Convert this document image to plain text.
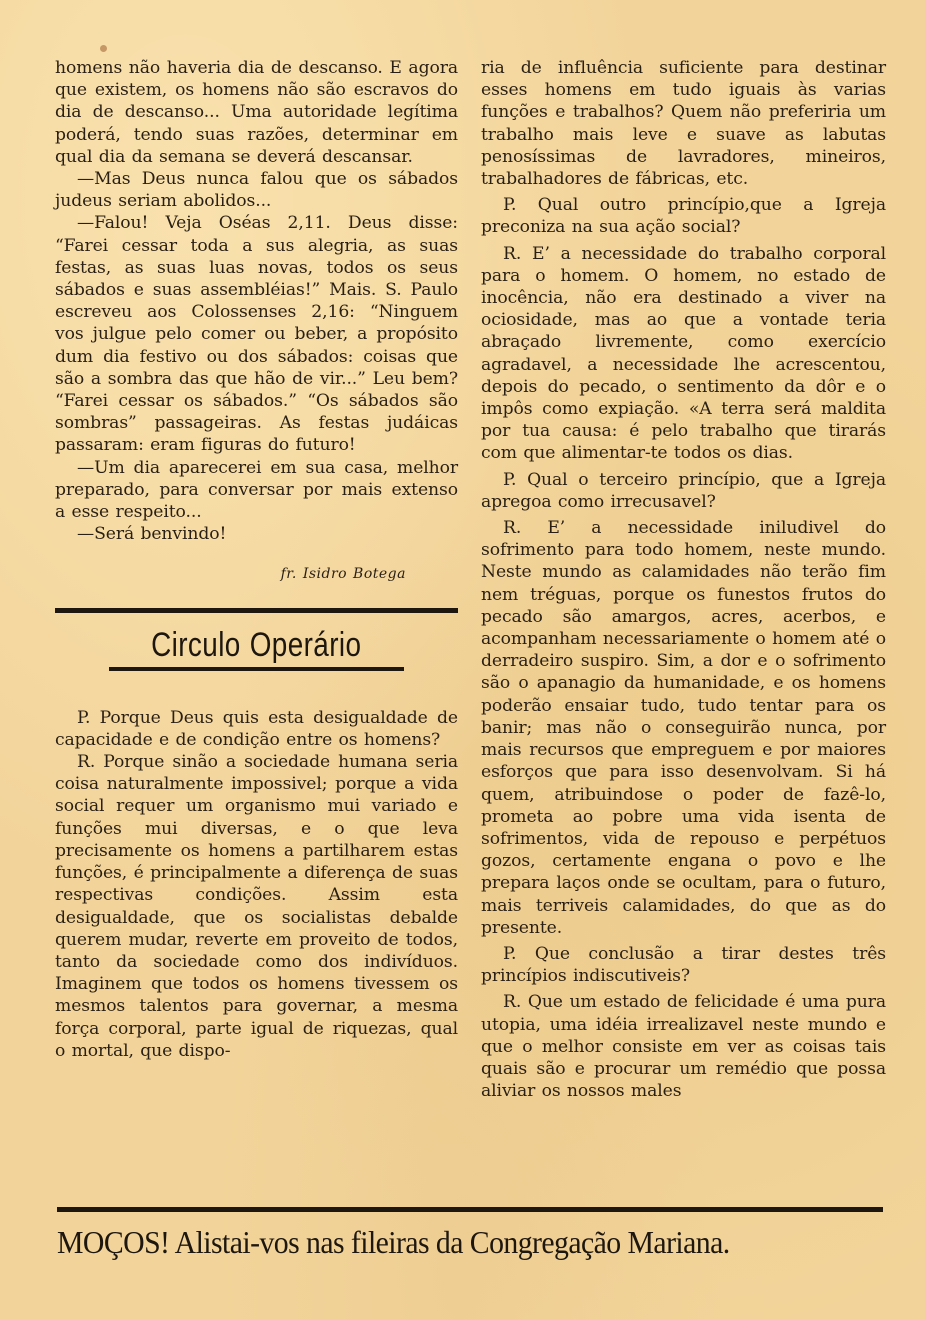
homens não haveria dia de descanso. E agora que existem, os homens não são escravos do dia de descanso... Uma autoridade legítima poderá, tendo suas razões, determinar em qual dia da semana se deverá descansar.

—Mas Deus nunca falou que os sábados judeus seriam abolidos...

—Falou! Veja Oséas 2,11. Deus disse: “Farei cessar toda a sus alegria, as suas festas, as suas luas novas, todos os seus sábados e suas assembléias!” Mais. S. Paulo escreveu aos Colossenses 2,16: “Ninguem vos julgue pelo comer ou beber, a propósito dum dia festivo ou dos sábados: coisas que são a sombra das que hão de vir...” Leu bem? “Farei cessar os sábados.” “Os sábados são sombras” passageiras. As festas judáicas passaram: eram figuras do futuro!

—Um dia aparecerei em sua casa, melhor preparado, para conversar por mais extenso a esse respeito...

—Será benvindo!

fr. Isidro Botega
Circulo Operário

P. Porque Deus quis esta desigualdade de capacidade e de condição entre os homens?

R. Porque sinão a sociedade humana seria coisa naturalmente impossivel; porque a vida social requer um organismo mui variado e funções mui diversas, e o que leva precisamente os homens a partilharem estas funções, é principalmente a diferença de suas respectivas condições. Assim esta desigualdade, que os socialistas debalde querem mudar, reverte em proveito de todos, tanto da sociedade como dos indivíduos. Imaginem que todos os homens tivessem os mesmos talentos para governar, a mesma força corporal, parte igual de riquezas, qual o mortal, que dispo-

ria de influência suficiente para destinar esses homens em tudo iguais às varias funções e trabalhos? Quem não preferiria um trabalho mais leve e suave as labutas penosíssimas de lavradores, mineiros, trabalhadores de fábricas, etc.

P. Qual outro princípio,que a Igreja preconiza na sua ação social?

R. E’ a necessidade do trabalho corporal para o homem. O homem, no estado de inocência, não era destinado a viver na ociosidade, mas ao que a vontade teria abraçado livremente, como exercício agradavel, a necessidade lhe acrescentou, depois do pecado, o sentimento da dôr e o impôs como expiação. «A terra será maldita por tua causa: é pelo trabalho que tirarás com que alimentar-te todos os dias.

P. Qual o terceiro princípio, que a Igreja apregoa como irrecusavel?

R. E’ a necessidade iniludivel do sofrimento para todo homem, neste mundo. Neste mundo as calamidades não terão fim nem tréguas, porque os funestos frutos do pecado são amargos, acres, acerbos, e acompanham necessariamente o homem até o derradeiro suspiro. Sim, a dor e o sofrimento são o apanagio da humanidade, e os homens poderão ensaiar tudo, tudo tentar para os banir; mas não o conseguirão nunca, por mais recursos que empreguem e por maiores esforços que para isso desenvolvam. Si há quem, atribuindose o poder de fazê-lo, prometa ao pobre uma vida isenta de sofrimentos, vida de repouso e perpétuos gozos, certamente engana o povo e lhe prepara laços onde se ocultam, para o futuro, mais terriveis calamidades, do que as do presente.

P. Que conclusão a tirar destes três princípios indiscutiveis?

R. Que um estado de felicidade é uma pura utopia, uma idéia irrealizavel neste mundo e que o melhor consiste em ver as coisas tais quais são e procurar um remédio que possa aliviar os nossos males

MOÇOS! Alistai-vos nas fileiras da Congregação Mariana.
